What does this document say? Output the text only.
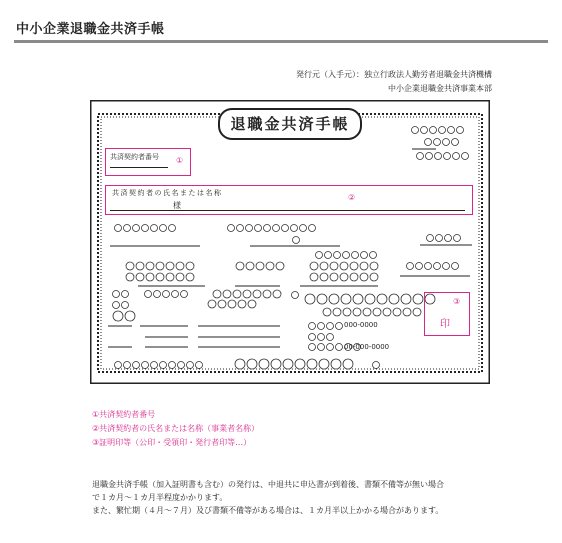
中小企業退職金共済手帳
発行元（入手元）：独立行政法人勤労者退職金共済機構
中小企業退職金共済事業本部
退職金共済手帳
共済契約者番号 ①
共済契約者の氏名または名称
様
②
③
印
000-0000
00-000-0000
①共済契約者番号
②共済契約者の氏名または名称（事業者名称）
③証明印等（公印・受領印・発行者印等…）
退職金共済手帳（加入証明書も含む）の発行は、中退共に申込書が到着後、書類不備等が無い場合
で１カ月〜１カ月半程度かかります。
また、繁忙期（４月〜７月）及び書類不備等がある場合は、１カ月半以上かかる場合があります。
